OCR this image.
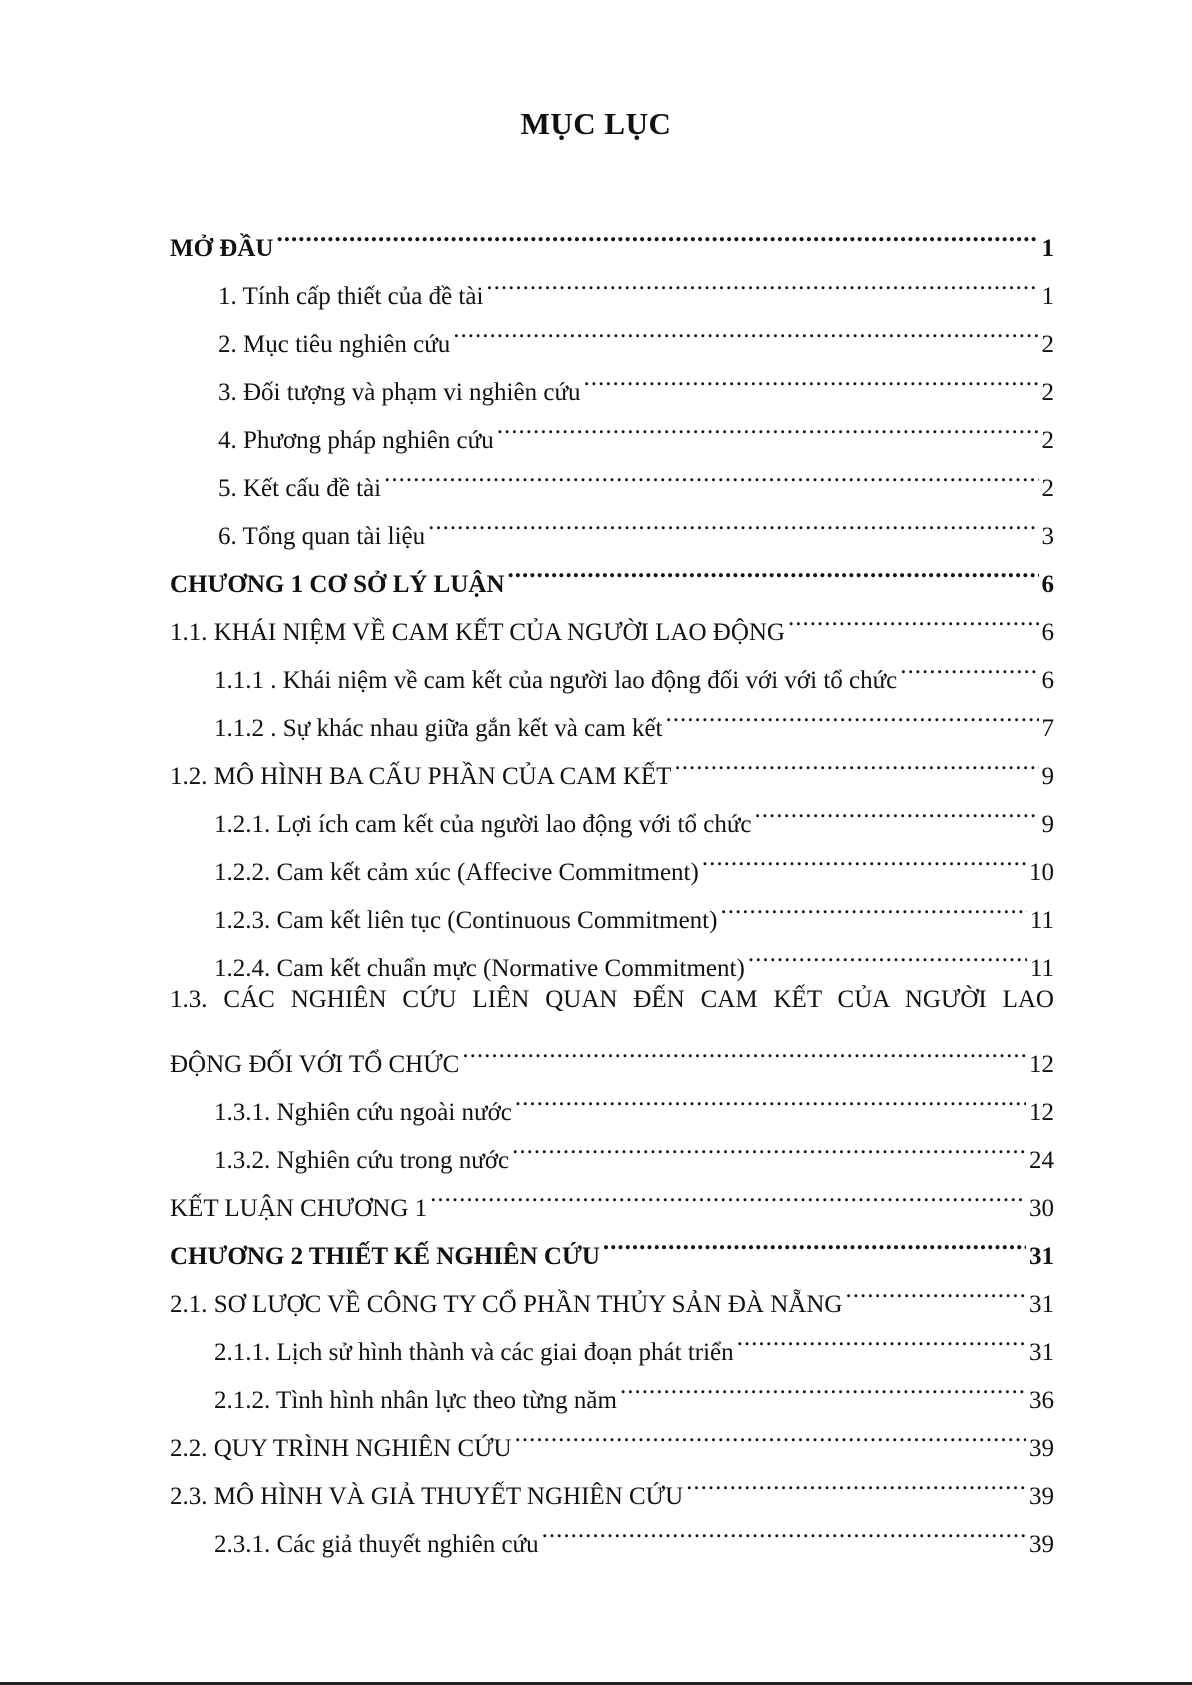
MỤC LỤC
MỞ ĐẦU .....	1
1. Tính cấp thiết của đề tài .....	1
2. Mục tiêu nghiên cứu .....	2
3. Đối tượng và phạm vi nghiên cứu .....	2
4. Phương pháp nghiên cứu .....	2
5. Kết cấu đề tài .....	2
6. Tổng quan tài liệu .....	3
CHƯƠNG 1 CƠ SỞ LÝ LUẬN .....	6
1.1. KHÁI NIỆM VỀ CAM KẾT CỦA NGƯỜI LAO ĐỘNG .....	6
1.1.1 . Khái niệm về cam kết của người lao động đối với với tổ chức .....	6
1.1.2 . Sự khác nhau giữa gắn kết và cam kết .....	7
1.2. MÔ HÌNH BA CẤU PHẦN CỦA CAM KẾT .....	9
1.2.1. Lợi ích cam kết của người lao động với tổ chức .....	9
1.2.2. Cam kết cảm xúc (Affecive Commitment) .....	10
1.2.3. Cam kết liên tục (Continuous Commitment) .....	11
1.2.4. Cam kết chuẩn mực (Normative Commitment) .....	11
1.3. CÁC NGHIÊN CỨU LIÊN QUAN ĐẾN CAM KẾT CỦA NGƯỜI LAO
ĐỘNG ĐỐI VỚI TỔ CHỨC .....	12
1.3.1. Nghiên cứu ngoài nước .....	12
1.3.2. Nghiên cứu trong nước .....	24
KẾT LUẬN CHƯƠNG 1 .....	30
CHƯƠNG 2 THIẾT KẾ NGHIÊN CỨU .....	31
2.1. SƠ LƯỢC VỀ CÔNG TY CỔ PHẦN THỦY SẢN ĐÀ NẴNG .....	31
2.1.1. Lịch sử hình thành và các giai đoạn phát triển .....	31
2.1.2. Tình hình nhân lực theo từng năm .....	36
2.2. QUY TRÌNH NGHIÊN CỨU .....	39
2.3. MÔ HÌNH VÀ GIẢ THUYẾT NGHIÊN CỨU .....	39
2.3.1. Các giả thuyết nghiên cứu .....	39
